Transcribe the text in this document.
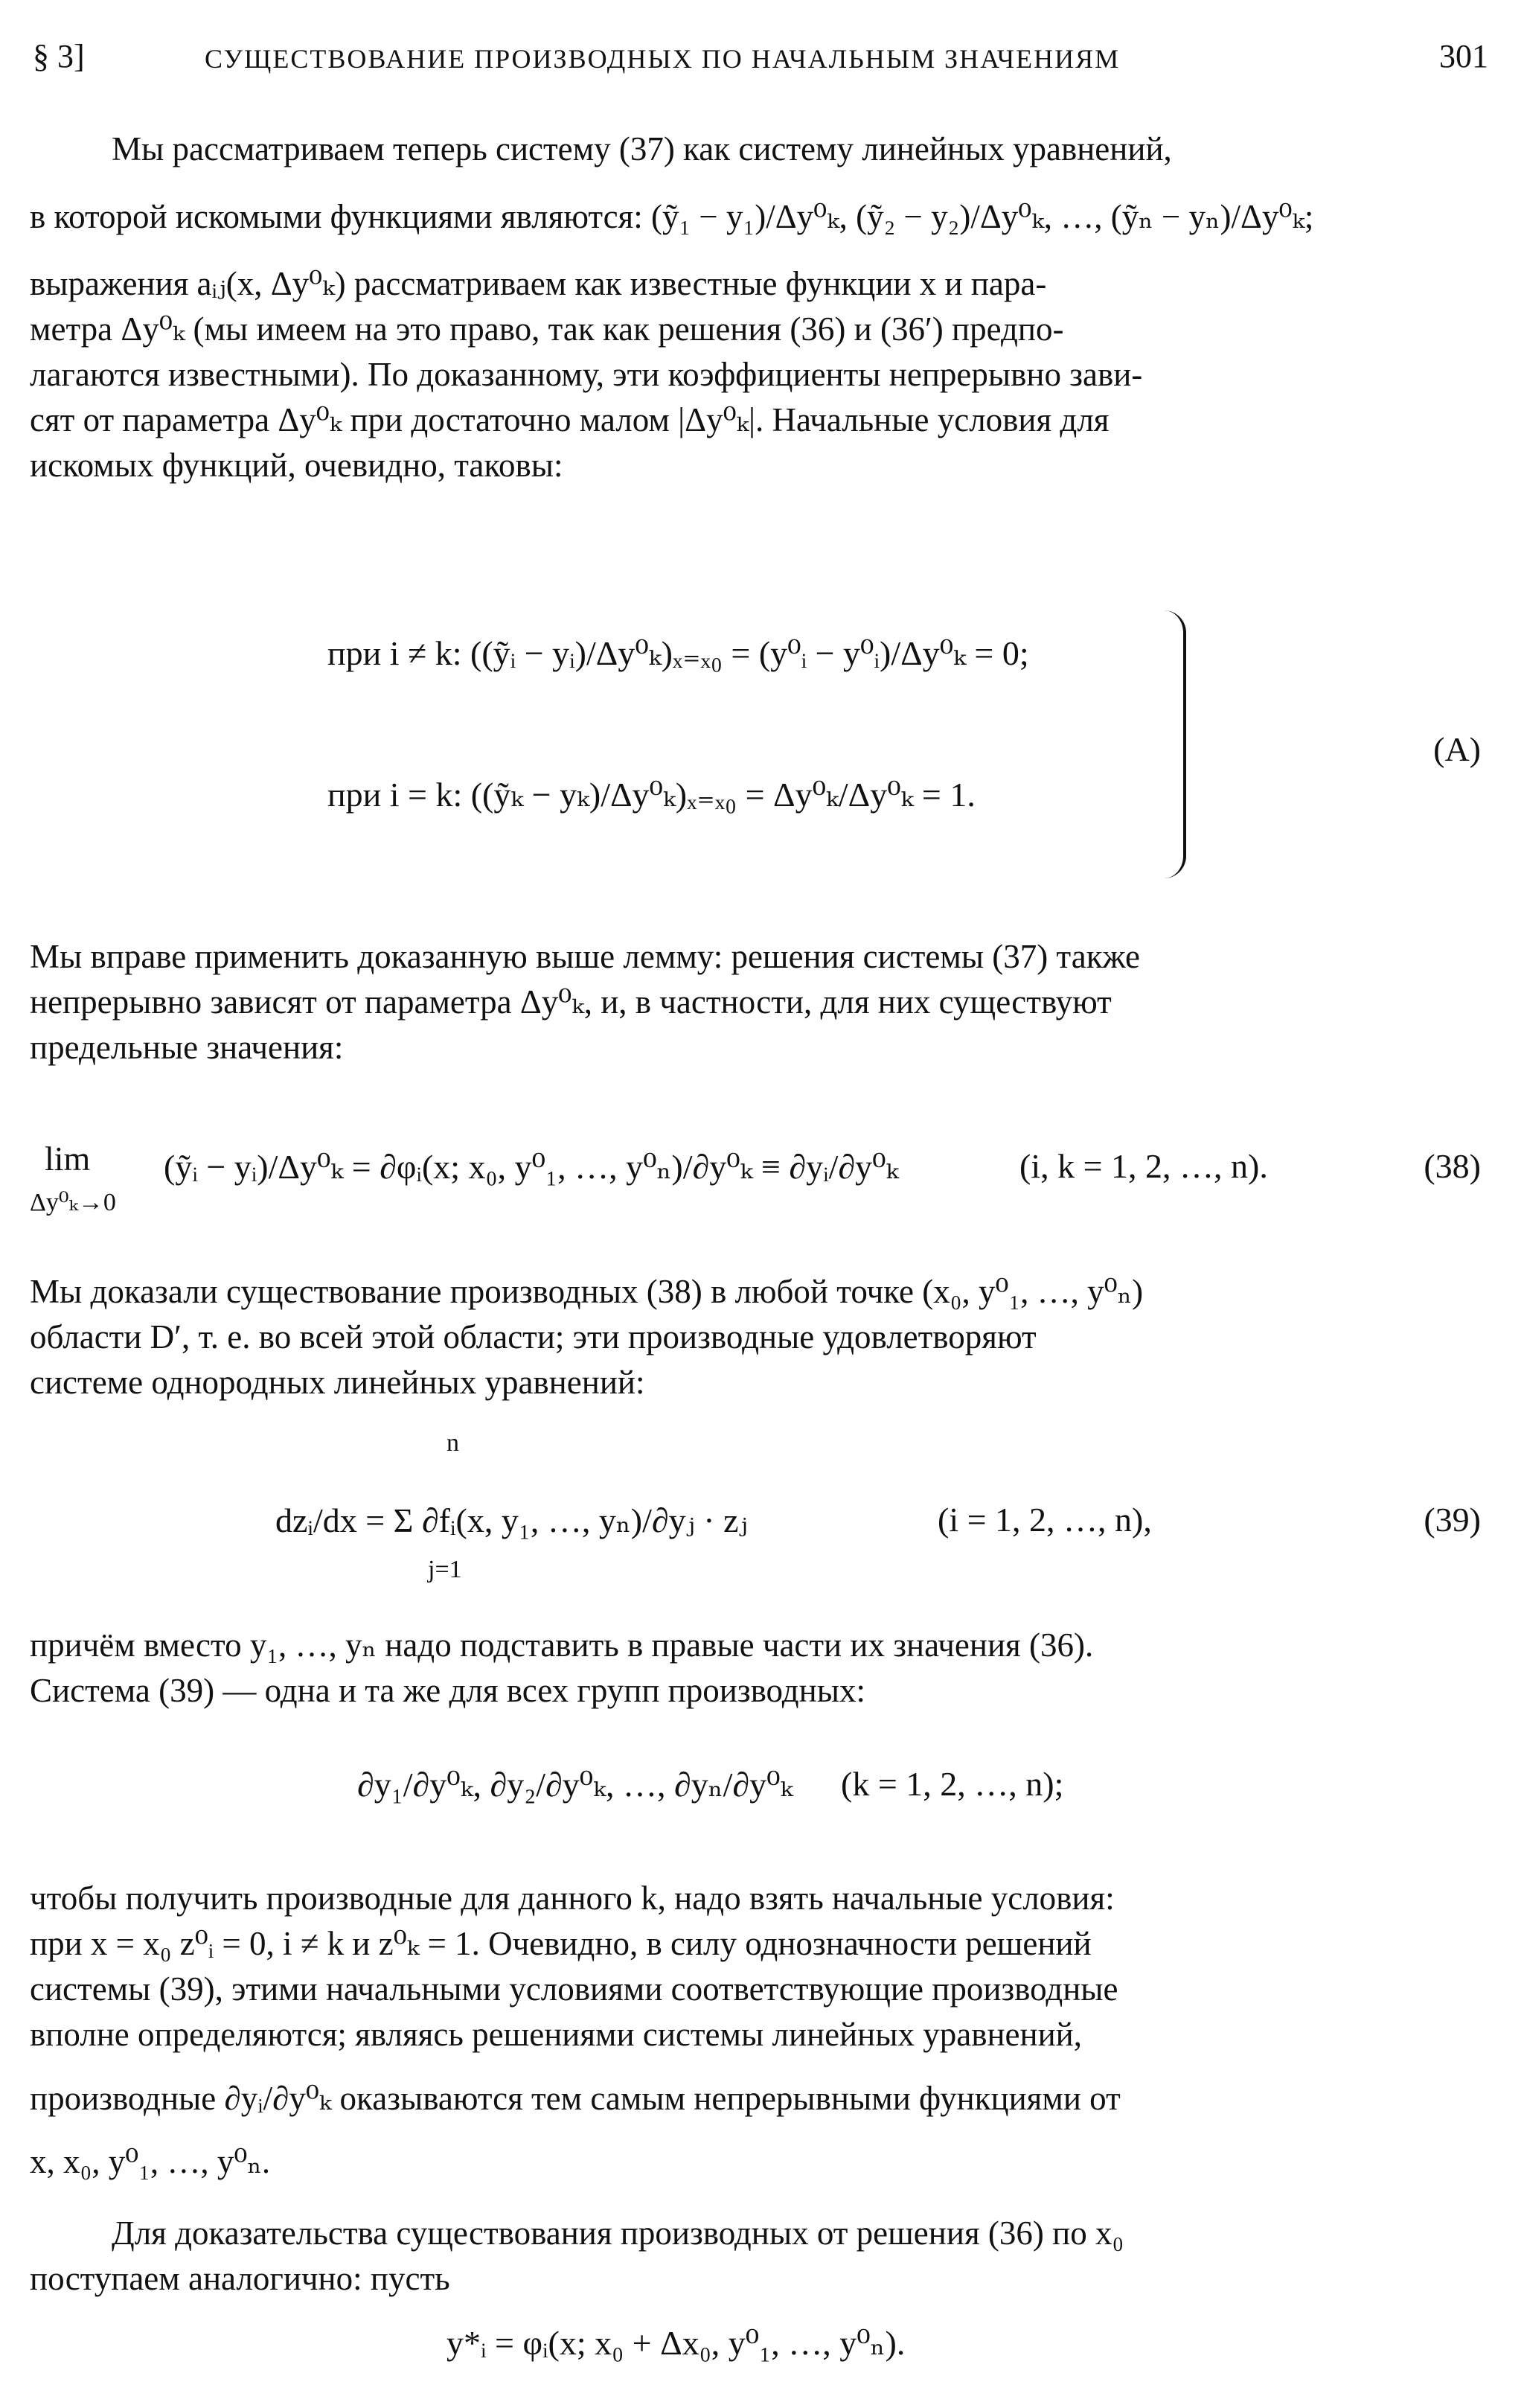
§ 3]	СУЩЕСТВОВАНИЕ ПРОИЗВОДНЫХ ПО НАЧАЛЬНЫМ ЗНАЧЕНИЯМ	301
Мы рассматриваем теперь систему (37) как систему линейных уравнений,
в которой искомыми функциями являются: (ỹ₁ − y₁)/Δy⁰ₖ, (ỹ₂ − y₂)/Δy⁰ₖ, …, (ỹₙ − yₙ)/Δy⁰ₖ;
выражения aᵢⱼ(x, Δy⁰ₖ) рассматриваем как известные функции x и пара-
метра Δy⁰ₖ (мы имеем на это право, так как решения (36) и (36′) предпо-
лагаются известными). По доказанному, эти коэффициенты непрерывно зави-
сят от параметра Δy⁰ₖ при достаточно малом |Δy⁰ₖ|. Начальные условия для
искомых функций, очевидно, таковы:
при i ≠ k: ((ỹᵢ − yᵢ)/Δy⁰ₖ)ₓ₌ₓ₀ = (y⁰ᵢ − y⁰ᵢ)/Δy⁰ₖ = 0;
при i = k: ((ỹₖ − yₖ)/Δy⁰ₖ)ₓ₌ₓ₀ = Δy⁰ₖ/Δy⁰ₖ = 1.
(A)
Мы вправе применить доказанную выше лемму: решения системы (37) также
непрерывно зависят от параметра Δy⁰ₖ, и, в частности, для них существуют
предельные значения:
lim
Δy⁰ₖ→0
(ỹᵢ − yᵢ)/Δy⁰ₖ = ∂φᵢ(x; x₀, y⁰₁, …, y⁰ₙ)/∂y⁰ₖ ≡ ∂yᵢ/∂y⁰ₖ	(i, k = 1, 2, …, n).	(38)
Мы доказали существование производных (38) в любой точке (x₀, y⁰₁, …, y⁰ₙ)
области D′, т. е. во всей этой области; эти производные удовлетворяют
системе однородных линейных уравнений:
n
dzᵢ/dx = Σ ∂fᵢ(x, y₁, …, yₙ)/∂yⱼ · zⱼ
j=1
(i = 1, 2, …, n),	(39)
причём вместо y₁, …, yₙ надо подставить в правые части их значения (36).
Система (39) — одна и та же для всех групп производных:
∂y₁/∂y⁰ₖ, ∂y₂/∂y⁰ₖ, …, ∂yₙ/∂y⁰ₖ (k = 1, 2, …, n);
чтобы получить производные для данного k, надо взять начальные условия:
при x = x₀ z⁰ᵢ = 0, i ≠ k и z⁰ₖ = 1. Очевидно, в силу однозначности решений
системы (39), этими начальными условиями соответствующие производные
вполне определяются; являясь решениями системы линейных уравнений,
производные ∂yᵢ/∂y⁰ₖ оказываются тем самым непрерывными функциями от
x, x₀, y⁰₁, …, y⁰ₙ.
Для доказательства существования производных от решения (36) по x₀
поступаем аналогично: пусть
y*ᵢ = φᵢ(x; x₀ + Δx₀, y⁰₁, …, y⁰ₙ).
